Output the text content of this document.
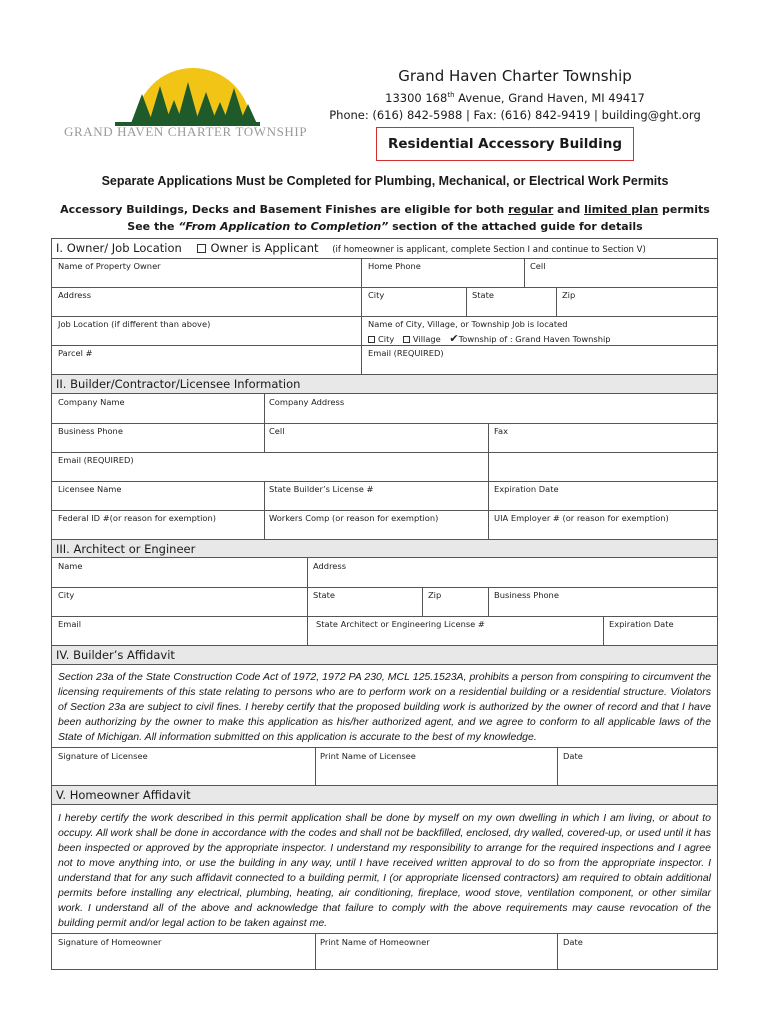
GRAND HAVEN CHARTER TOWNSHIP
Grand Haven Charter Township
13300 168th Avenue, Grand Haven, MI 49417
Phone: (616) 842-5988 | Fax: (616) 842-9419 | building@ght.org
Residential Accessory Building
Separate Applications Must be Completed for Plumbing, Mechanical, or Electrical Work Permits
Accessory Buildings, Decks and Basement Finishes are eligible for both regular and limited plan permits
See the “From Application to Completion” section of the attached guide for details
I. Owner/ Job Location Owner is Applicant (if homeowner is applicant, complete Section I and continue to Section V)
Name of Property Owner	Home Phone	Cell
Address	City	State	Zip
Job Location (if different than above)	Name of City, Village, or Township Job is located
City Village ✔Township of : Grand Haven Township
Parcel #	Email (REQUIRED)
II. Builder/Contractor/Licensee Information
Company Name	Company Address
Business Phone	Cell	Fax
Email (REQUIRED)
Licensee Name	State Builder’s License #	Expiration Date
Federal ID #(or reason for exemption)	Workers Comp (or reason for exemption)	UIA Employer # (or reason for exemption)
III. Architect or Engineer
Name	Address
City	State	Zip	Business Phone
Email	State Architect or Engineering License #	Expiration Date
IV. Builder’s Affidavit
Section 23a of the State Construction Code Act of 1972, 1972 PA 230, MCL 125.1523A, prohibits a person from conspiring to circumvent the licensing requirements of this state relating to persons who are to perform work on a residential building or a residential structure. Violators of Section 23a are subject to civil fines. I hereby certify that the proposed building work is authorized by the owner of record and that I have been authorizing by the owner to make this application as his/her authorized agent, and we agree to conform to all applicable laws of the State of Michigan. All information submitted on this application is accurate to the best of my knowledge.
Signature of Licensee	Print Name of Licensee	Date
V. Homeowner Affidavit
I hereby certify the work described in this permit application shall be done by myself on my own dwelling in which I am living, or about to occupy. All work shall be done in accordance with the codes and shall not be backfilled, enclosed, dry walled, covered-up, or used until it has been inspected or approved by the appropriate inspector. I understand my responsibility to arrange for the required inspections and I agree not to move anything into, or use the building in any way, until I have received written approval to do so from the appropriate inspector. I understand that for any such affidavit connected to a building permit, I (or appropriate licensed contractors) am required to obtain additional permits before installing any electrical, plumbing, heating, air conditioning, fireplace, wood stove, ventilation component, or other similar work. I understand all of the above and acknowledge that failure to comply with the above requirements may cause revocation of the building permit and/or legal action to be taken against me.
Signature of Homeowner	Print Name of Homeowner	Date
